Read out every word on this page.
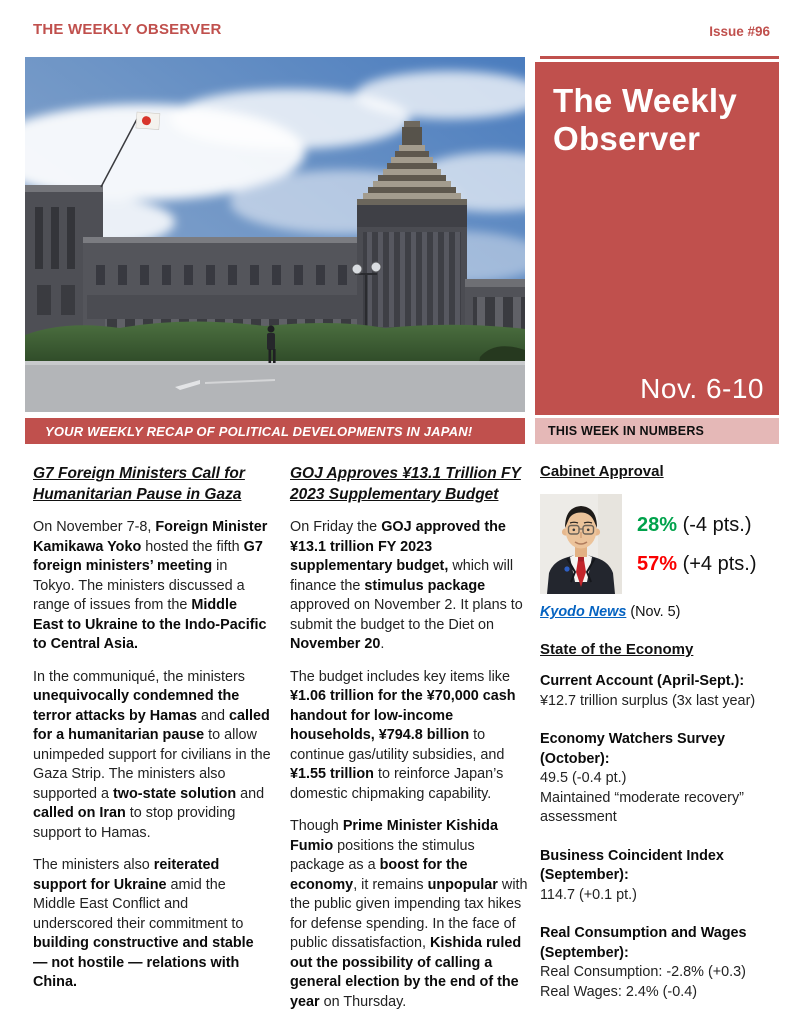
THE WEEKLY OBSERVER	Issue #96
The Weekly Observer
Nov. 6-10
YOUR WEEKLY RECAP OF POLITICAL DEVELOPMENTS IN JAPAN!	THIS WEEK IN NUMBERS
G7 Foreign Ministers Call for Humanitarian Pause in Gaza

On November 7-8, Foreign Minister Kamikawa Yoko hosted the fifth G7 foreign ministers’ meeting in Tokyo. The ministers discussed a range of issues from the Middle East to Ukraine to the Indo-Pacific to Central Asia.

In the communiqué, the ministers unequivocally condemned the terror attacks by Hamas and called for a humanitarian pause to allow unimpeded support for civilians in the Gaza Strip. The ministers also supported a two-state solution and called on Iran to stop providing support to Hamas.

The ministers also reiterated support for Ukraine amid the Middle East Conflict and underscored their commitment to building constructive and stable — not hostile — relations with China.

GOJ Approves ¥13.1 Trillion FY 2023 Supplementary Budget

On Friday the GOJ approved the ¥13.1 trillion FY 2023 supplementary budget, which will finance the stimulus package approved on November 2. It plans to submit the budget to the Diet on November 20.

The budget includes key items like ¥1.06 trillion for the ¥70,000 cash handout for low-income households, ¥794.8 billion to continue gas/utility subsidies, and ¥1.55 trillion to reinforce Japan’s domestic chipmaking capability.

Though Prime Minister Kishida Fumio positions the stimulus package as a boost for the economy, it remains unpopular with the public given impending tax hikes for defense spending. In the face of public dissatisfaction, Kishida ruled out the possibility of calling a general election by the end of the year on Thursday.

Cabinet Approval
28% (-4 pts.)
57% (+4 pts.)
Kyodo News (Nov. 5)
State of the Economy
Current Account (April-Sept.):
¥12.7 trillion surplus (3x last year)
Economy Watchers Survey (October):
49.5 (-0.4 pt.)
Maintained “moderate recovery” assessment
Business Coincident Index (September):
114.7 (+0.1 pt.)
Real Consumption and Wages (September):
Real Consumption: -2.8% (+0.3)
Real Wages: 2.4% (-0.4)
